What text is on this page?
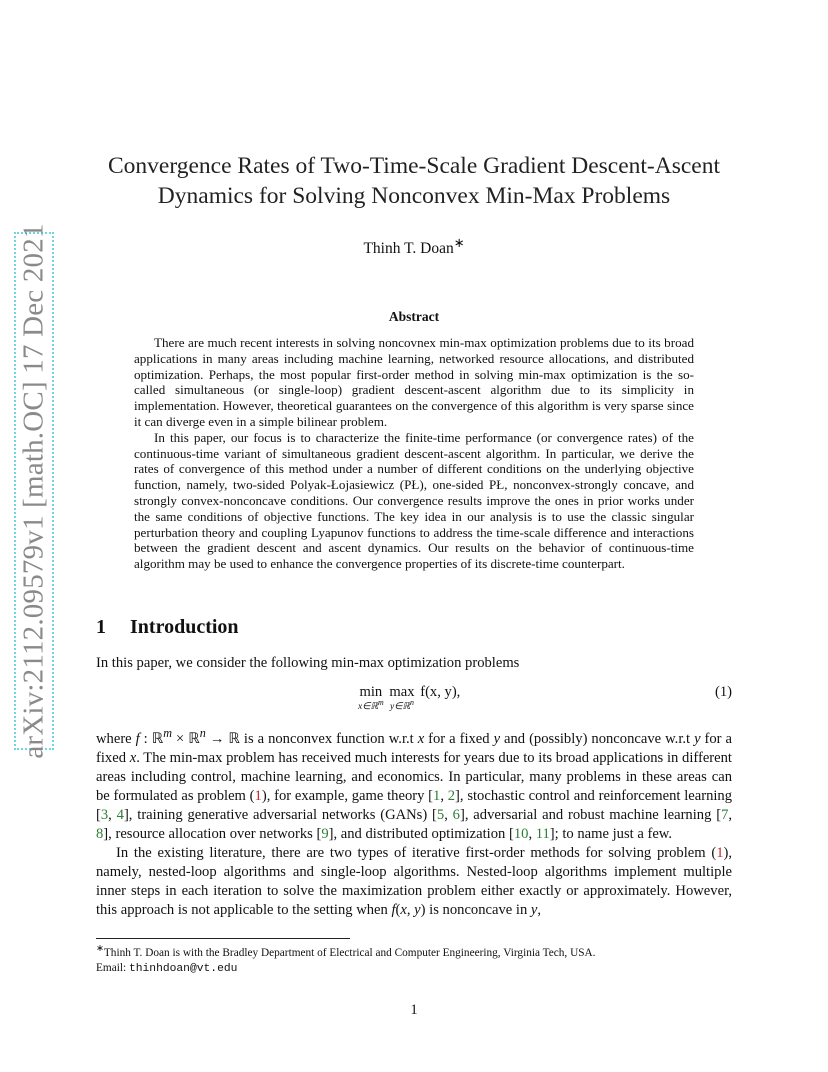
arXiv:2112.09579v1 [math.OC] 17 Dec 2021
Convergence Rates of Two-Time-Scale Gradient Descent-Ascent
Dynamics for Solving Nonconvex Min-Max Problems
Thinh T. Doan∗
Abstract

There are much recent interests in solving noncovnex min-max optimization problems due to its broad applications in many areas including machine learning, networked resource allocations, and distributed optimization. Perhaps, the most popular first-order method in solving min-max optimization is the so-called simultaneous (or single-loop) gradient descent-ascent algorithm due to its simplicity in implementation. However, theoretical guarantees on the convergence of this algorithm is very sparse since it can diverge even in a simple bilinear problem.

In this paper, our focus is to characterize the finite-time performance (or convergence rates) of the continuous-time variant of simultaneous gradient descent-ascent algorithm. In particular, we derive the rates of convergence of this method under a number of different conditions on the underlying objective function, namely, two-sided Polyak-Łojasiewicz (PŁ), one-sided PŁ, nonconvex-strongly concave, and strongly convex-nonconcave conditions. Our convergence results improve the ones in prior works under the same conditions of objective functions. The key idea in our analysis is to use the classic singular perturbation theory and coupling Lyapunov functions to address the time-scale difference and interactions between the gradient descent and ascent dynamics. Our results on the behavior of continuous-time algorithm may be used to enhance the convergence properties of its discrete-time counterpart.

1 Introduction

In this paper, we consider the following min-max optimization problems

min
x∈ℝ$^m$
max
y∈ℝ$^n$
f(x, y),	(1)

where f : ℝ$^m$ × ℝ$^n$ → ℝ is a nonconvex function w.r.t x for a fixed y and (possibly) nonconcave w.r.t y for a fixed x. The min-max problem has received much interests for years due to its broad applications in different areas including control, machine learning, and economics. In particular, many problems in these areas can be formulated as problem (1), for example, game theory [1, 2], stochastic control and reinforcement learning [3, 4], training generative adversarial networks (GANs) [5, 6], adversarial and robust machine learning [7, 8], resource allocation over networks [9], and distributed optimization [10, 11]; to name just a few.

In the existing literature, there are two types of iterative first-order methods for solving problem (1), namely, nested-loop algorithms and single-loop algorithms. Nested-loop algorithms implement multiple inner steps in each iteration to solve the maximization problem either exactly or approximately. However, this approach is not applicable to the setting when f(x, y) is nonconcave in y,

∗Thinh T. Doan is with the Bradley Department of Electrical and Computer Engineering, Virginia Tech, USA.
Email: thinhdoan@vt.edu
1
